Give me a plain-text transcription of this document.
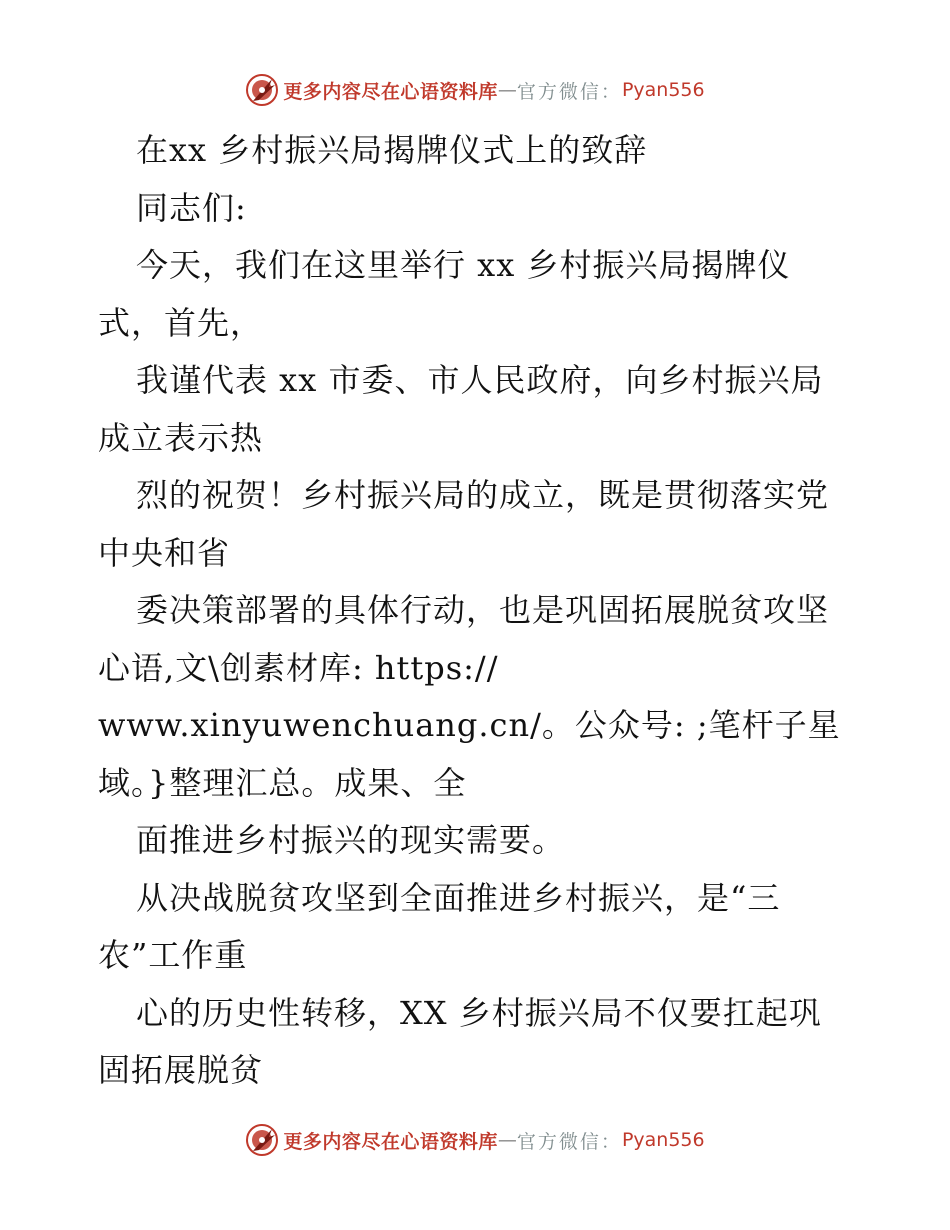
更多内容尽在心语资料库 — 官方微信： Pyan556
在xx 乡村振兴局揭牌仪式上的致辞
同志们:
今天，我们在这里举行 xx 乡村振兴局揭牌仪
式，首先，
我谨代表 xx 市委、市人民政府，向乡村振兴局
成立表示热
烈的祝贺！乡村振兴局的成立，既是贯彻落实党
中央和省
委决策部署的具体行动，也是巩固拓展脱贫攻坚
心语,文\创素材库: https://
www.xinyuwenchuang.cn/。公众号: ;笔杆子星
域。}整理汇总。成果、全
面推进乡村振兴的现实需要。
从决战脱贫攻坚到全面推进乡村振兴，是“三
农”工作重
心的历史性转移，XX 乡村振兴局不仅要扛起巩
固拓展脱贫
更多内容尽在心语资料库 — 官方微信： Pyan556
